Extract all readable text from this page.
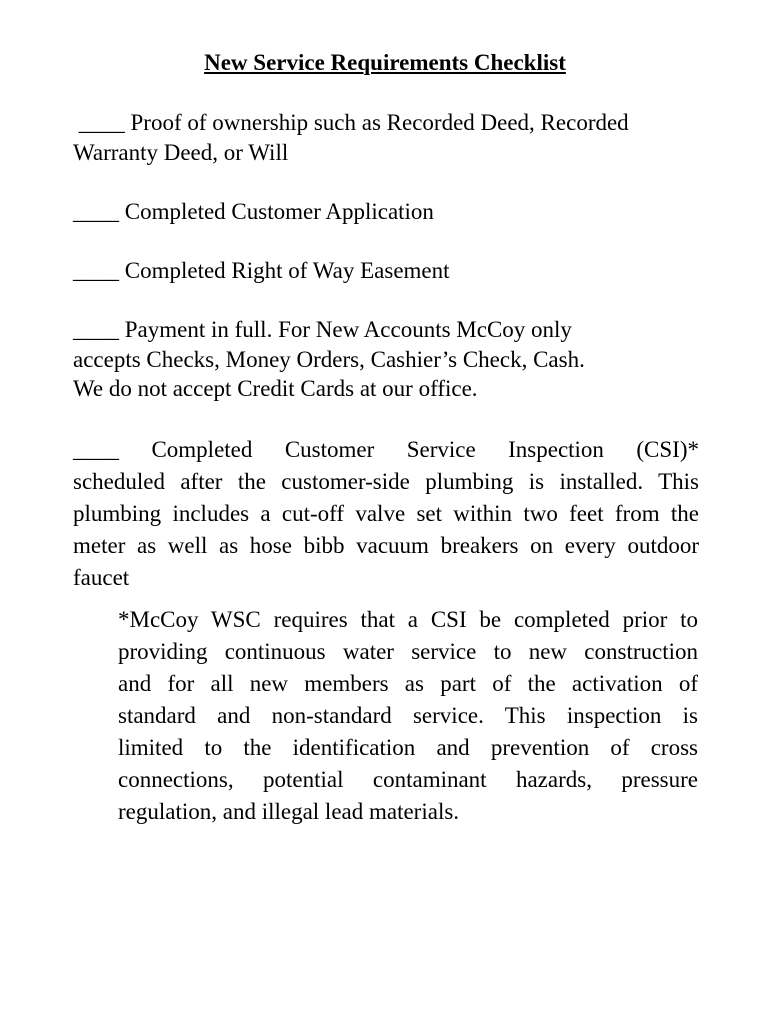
New Service Requirements Checklist

____ Proof of ownership such as Recorded Deed, Recorded
Warranty Deed, or Will

____ Completed Customer Application

____ Completed Right of Way Easement

____ Payment in full. For New Accounts McCoy only
accepts Checks, Money Orders, Cashier’s Check, Cash.
We do not accept Credit Cards at our office.

____ Completed Customer Service Inspection (CSI)*
scheduled after the customer-side plumbing is installed. This
plumbing includes a cut-off valve set within two feet from the
meter as well as hose bibb vacuum breakers on every outdoor
faucet
*McCoy WSC requires that a CSI be completed prior to
providing continuous water service to new construction
and for all new members as part of the activation of
standard and non-standard service. This inspection is
limited to the identification and prevention of cross
connections, potential contaminant hazards, pressure
regulation, and illegal lead materials.
